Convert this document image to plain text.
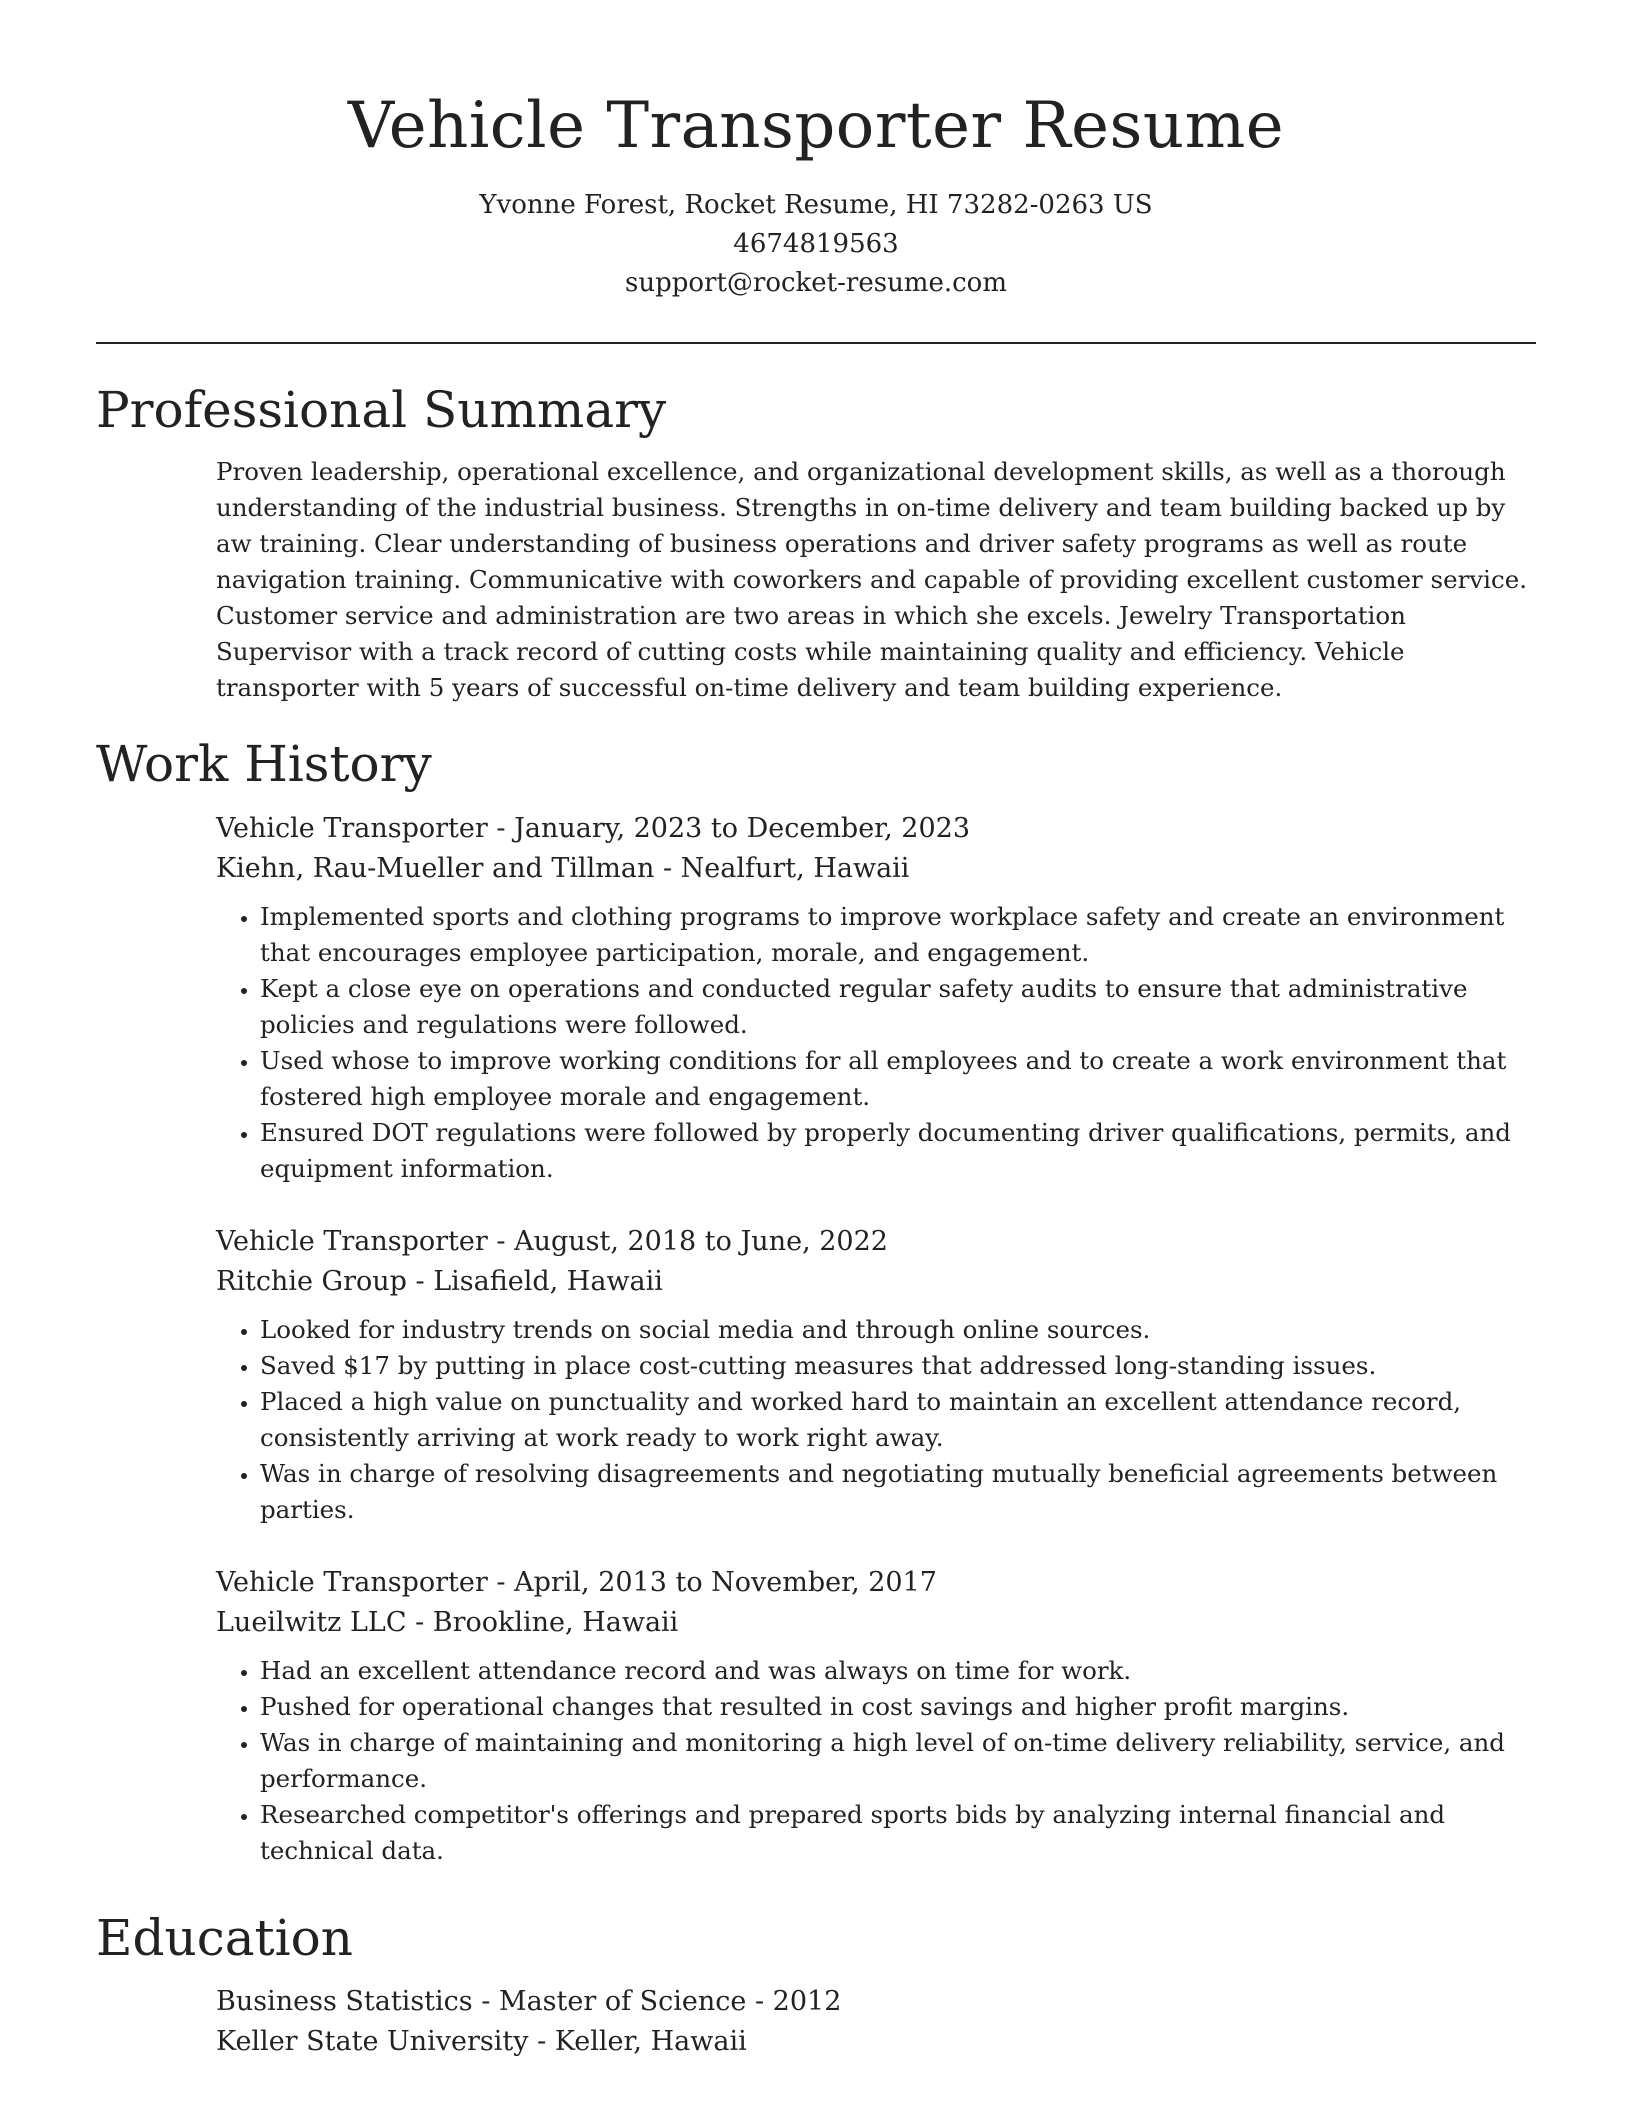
Vehicle Transporter Resume
Yvonne Forest, Rocket Resume, HI 73282-0263 US
4674819563
support@rocket-resume.com
Professional Summary

Proven leadership, operational excellence, and organizational development skills, as well as a thorough understanding of the industrial business. Strengths in on-time delivery and team building backed up by aw training. Clear understanding of business operations and driver safety programs as well as route navigation training. Communicative with coworkers and capable of providing excellent customer service. Customer service and administration are two areas in which she excels. Jewelry Transportation Supervisor with a track record of cutting costs while maintaining quality and efficiency. Vehicle transporter with 5 years of successful on-time delivery and team building experience.

Work History
Vehicle Transporter - January, 2023 to December, 2023
Kiehn, Rau-Mueller and Tillman - Nealfurt, Hawaii
• Implemented sports and clothing programs to improve workplace safety and create an environment that encourages employee participation, morale, and engagement.
• Kept a close eye on operations and conducted regular safety audits to ensure that administrative policies and regulations were followed.
• Used whose to improve working conditions for all employees and to create a work environment that fostered high employee morale and engagement.
• Ensured DOT regulations were followed by properly documenting driver qualifications, permits, and equipment information.
Vehicle Transporter - August, 2018 to June, 2022
Ritchie Group - Lisafield, Hawaii
• Looked for industry trends on social media and through online sources.
• Saved $17 by putting in place cost-cutting measures that addressed long-standing issues.
• Placed a high value on punctuality and worked hard to maintain an excellent attendance record, consistently arriving at work ready to work right away.
• Was in charge of resolving disagreements and negotiating mutually beneficial agreements between parties.
Vehicle Transporter - April, 2013 to November, 2017
Lueilwitz LLC - Brookline, Hawaii
• Had an excellent attendance record and was always on time for work.
• Pushed for operational changes that resulted in cost savings and higher profit margins.
• Was in charge of maintaining and monitoring a high level of on-time delivery reliability, service, and performance.
• Researched competitor's offerings and prepared sports bids by analyzing internal financial and technical data.
Education
Business Statistics - Master of Science - 2012
Keller State University - Keller, Hawaii
